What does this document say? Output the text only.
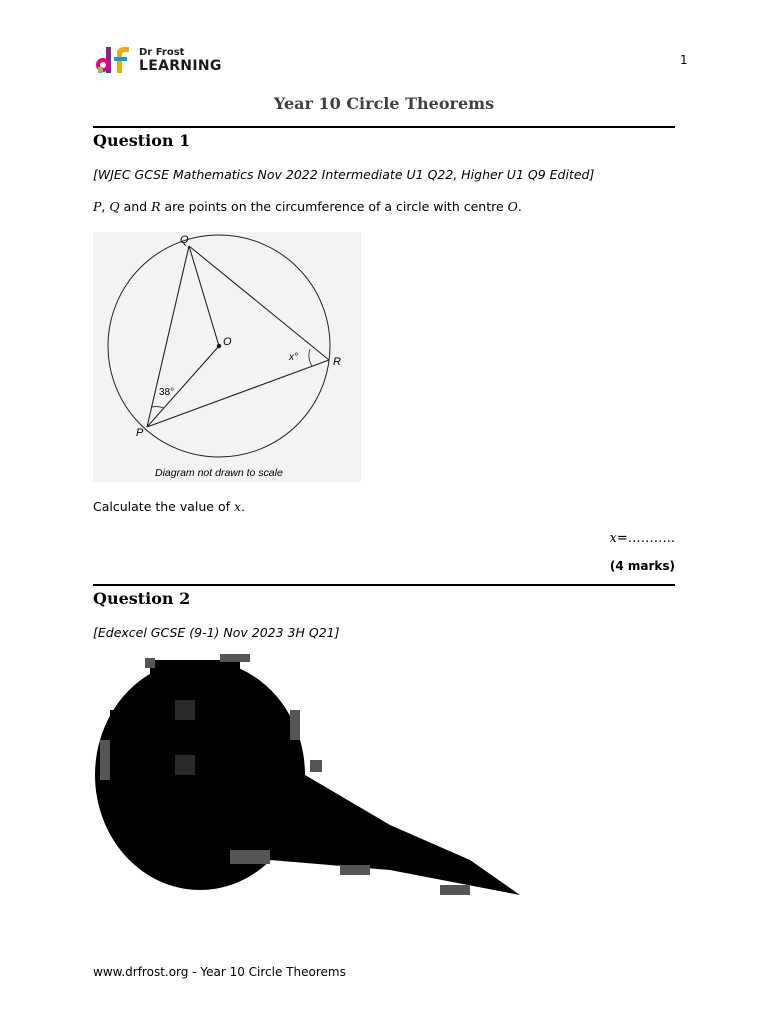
Dr Frost
LEARNING	1
Year 10 Circle Theorems
Question 1
[WJEC GCSE Mathematics Nov 2022 Intermediate U1 Q22, Higher U1 Q9 Edited]
P, Q and R are points on the circumference of a circle with centre O.
Q
O
R
P
x°
38°
Diagram not drawn to scale
Calculate the value of x.
x=………..
(4 marks)
Question 2
[Edexcel GCSE (9-1) Nov 2023 3H Q21]
www.drfrost.org - Year 10 Circle Theorems
